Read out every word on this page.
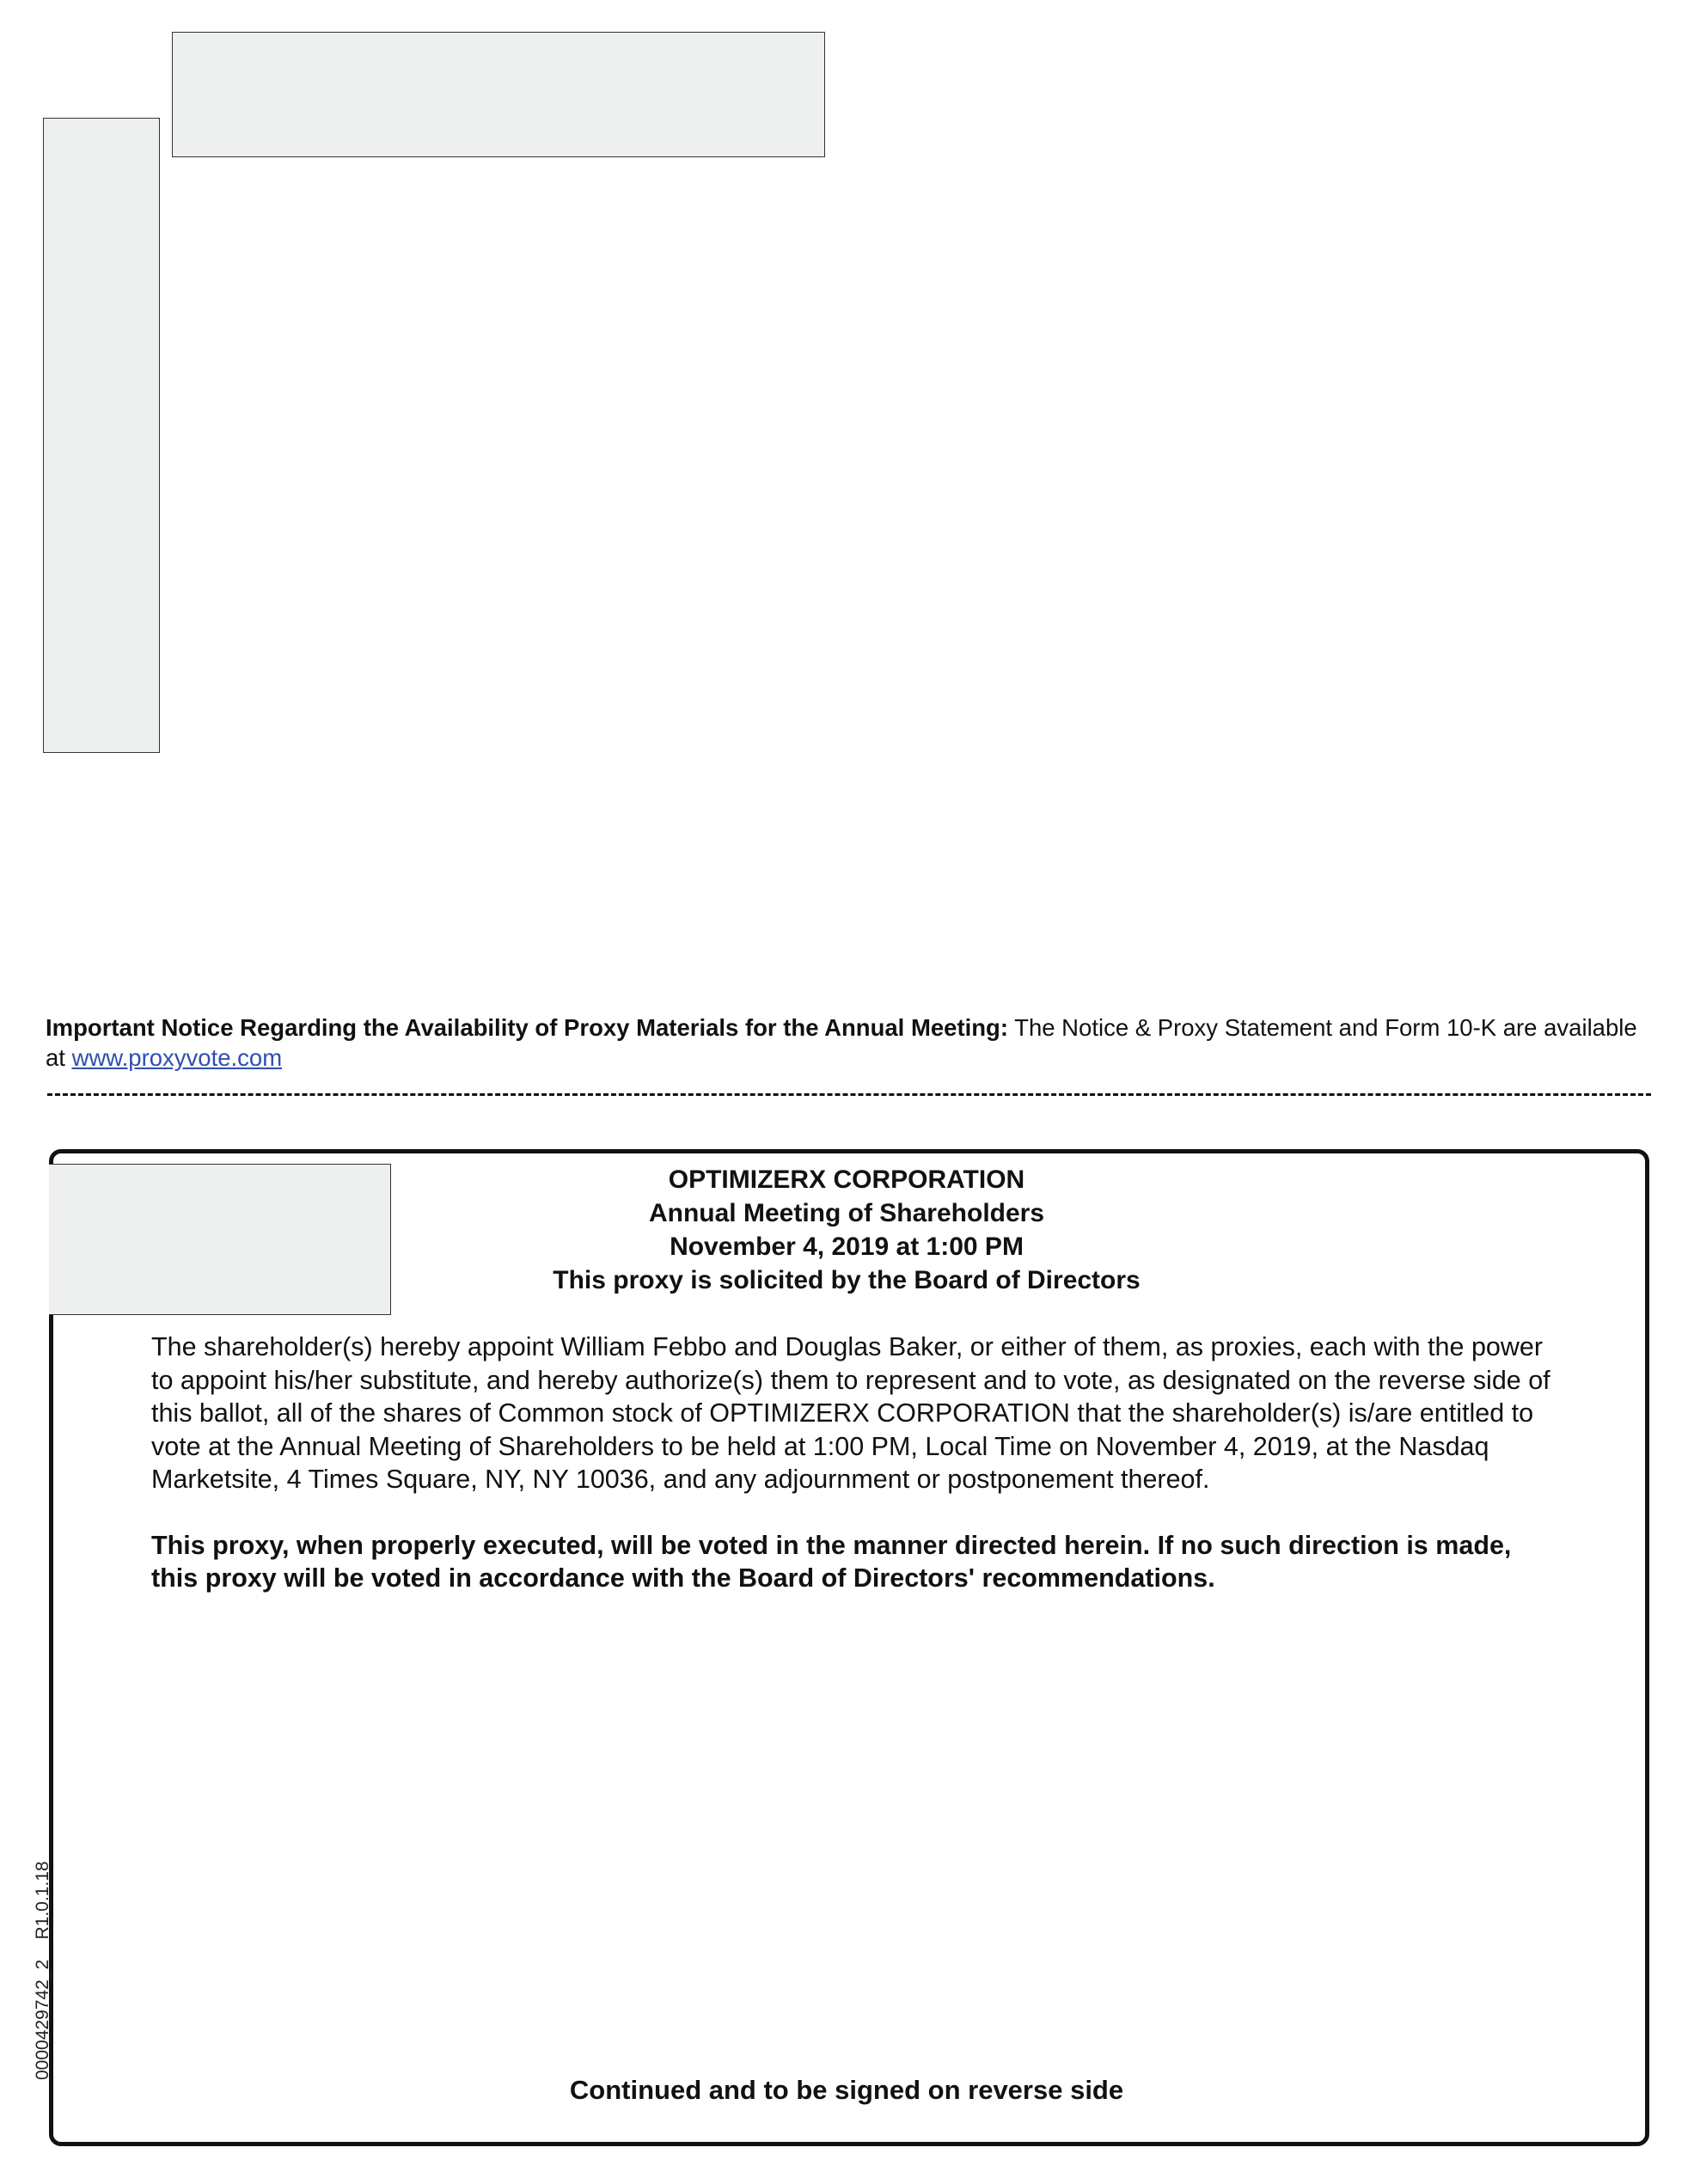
Important Notice Regarding the Availability of Proxy Materials for the Annual Meeting: The Notice & Proxy Statement and Form 10-K are available at www.proxyvote.com
OPTIMIZERX CORPORATION
Annual Meeting of Shareholders
November 4, 2019 at 1:00 PM
This proxy is solicited by the Board of Directors

The shareholder(s) hereby appoint William Febbo and Douglas Baker, or either of them, as proxies, each with the power to appoint his/her substitute, and hereby authorize(s) them to represent and to vote, as designated on the reverse side of this ballot, all of the shares of Common stock of OPTIMIZERX CORPORATION that the shareholder(s) is/are entitled to vote at the Annual Meeting of Shareholders to be held at 1:00 PM, Local Time on November 4, 2019, at the Nasdaq Marketsite, 4 Times Square, NY, NY 10036, and any adjournment or postponement thereof.

This proxy, when properly executed, will be voted in the manner directed herein. If no such direction is made, this proxy will be voted in accordance with the Board of Directors' recommendations.

Continued and to be signed on reverse side
0000429742_2    R1.0.1.18
